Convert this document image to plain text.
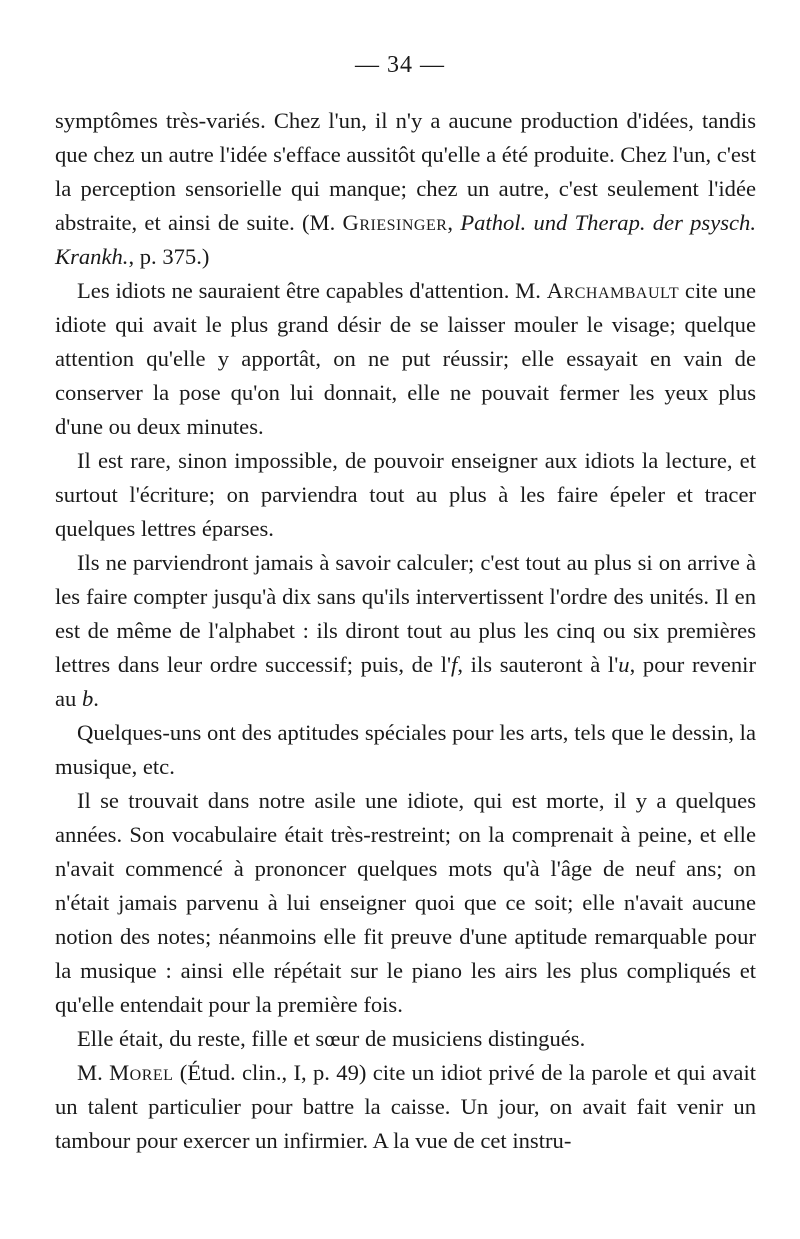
— 34 —

symptômes très-variés. Chez l'un, il n'y a aucune production d'idées, tandis que chez un autre l'idée s'efface aussitôt qu'elle a été produite. Chez l'un, c'est la perception sensorielle qui manque; chez un autre, c'est seulement l'idée abstraite, et ainsi de suite. (M. Griesinger, Pathol. und Therap. der psysch. Krankh., p. 375.)

Les idiots ne sauraient être capables d'attention. M. Archambault cite une idiote qui avait le plus grand désir de se laisser mouler le visage; quelque attention qu'elle y apportât, on ne put réussir; elle essayait en vain de conserver la pose qu'on lui donnait, elle ne pouvait fermer les yeux plus d'une ou deux minutes.

Il est rare, sinon impossible, de pouvoir enseigner aux idiots la lecture, et surtout l'écriture; on parviendra tout au plus à les faire épeler et tracer quelques lettres éparses.

Ils ne parviendront jamais à savoir calculer; c'est tout au plus si on arrive à les faire compter jusqu'à dix sans qu'ils intervertissent l'ordre des unités. Il en est de même de l'alphabet : ils diront tout au plus les cinq ou six premières lettres dans leur ordre successif; puis, de l'f, ils sauteront à l'u, pour revenir au b.

Quelques-uns ont des aptitudes spéciales pour les arts, tels que le dessin, la musique, etc.

Il se trouvait dans notre asile une idiote, qui est morte, il y a quelques années. Son vocabulaire était très-restreint; on la comprenait à peine, et elle n'avait commencé à prononcer quelques mots qu'à l'âge de neuf ans; on n'était jamais parvenu à lui enseigner quoi que ce soit; elle n'avait aucune notion des notes; néanmoins elle fit preuve d'une aptitude remarquable pour la musique : ainsi elle répétait sur le piano les airs les plus compliqués et qu'elle entendait pour la première fois.

Elle était, du reste, fille et sœur de musiciens distingués.

M. Morel (Étud. clin., I, p. 49) cite un idiot privé de la parole et qui avait un talent particulier pour battre la caisse. Un jour, on avait fait venir un tambour pour exercer un infirmier. A la vue de cet instru-
